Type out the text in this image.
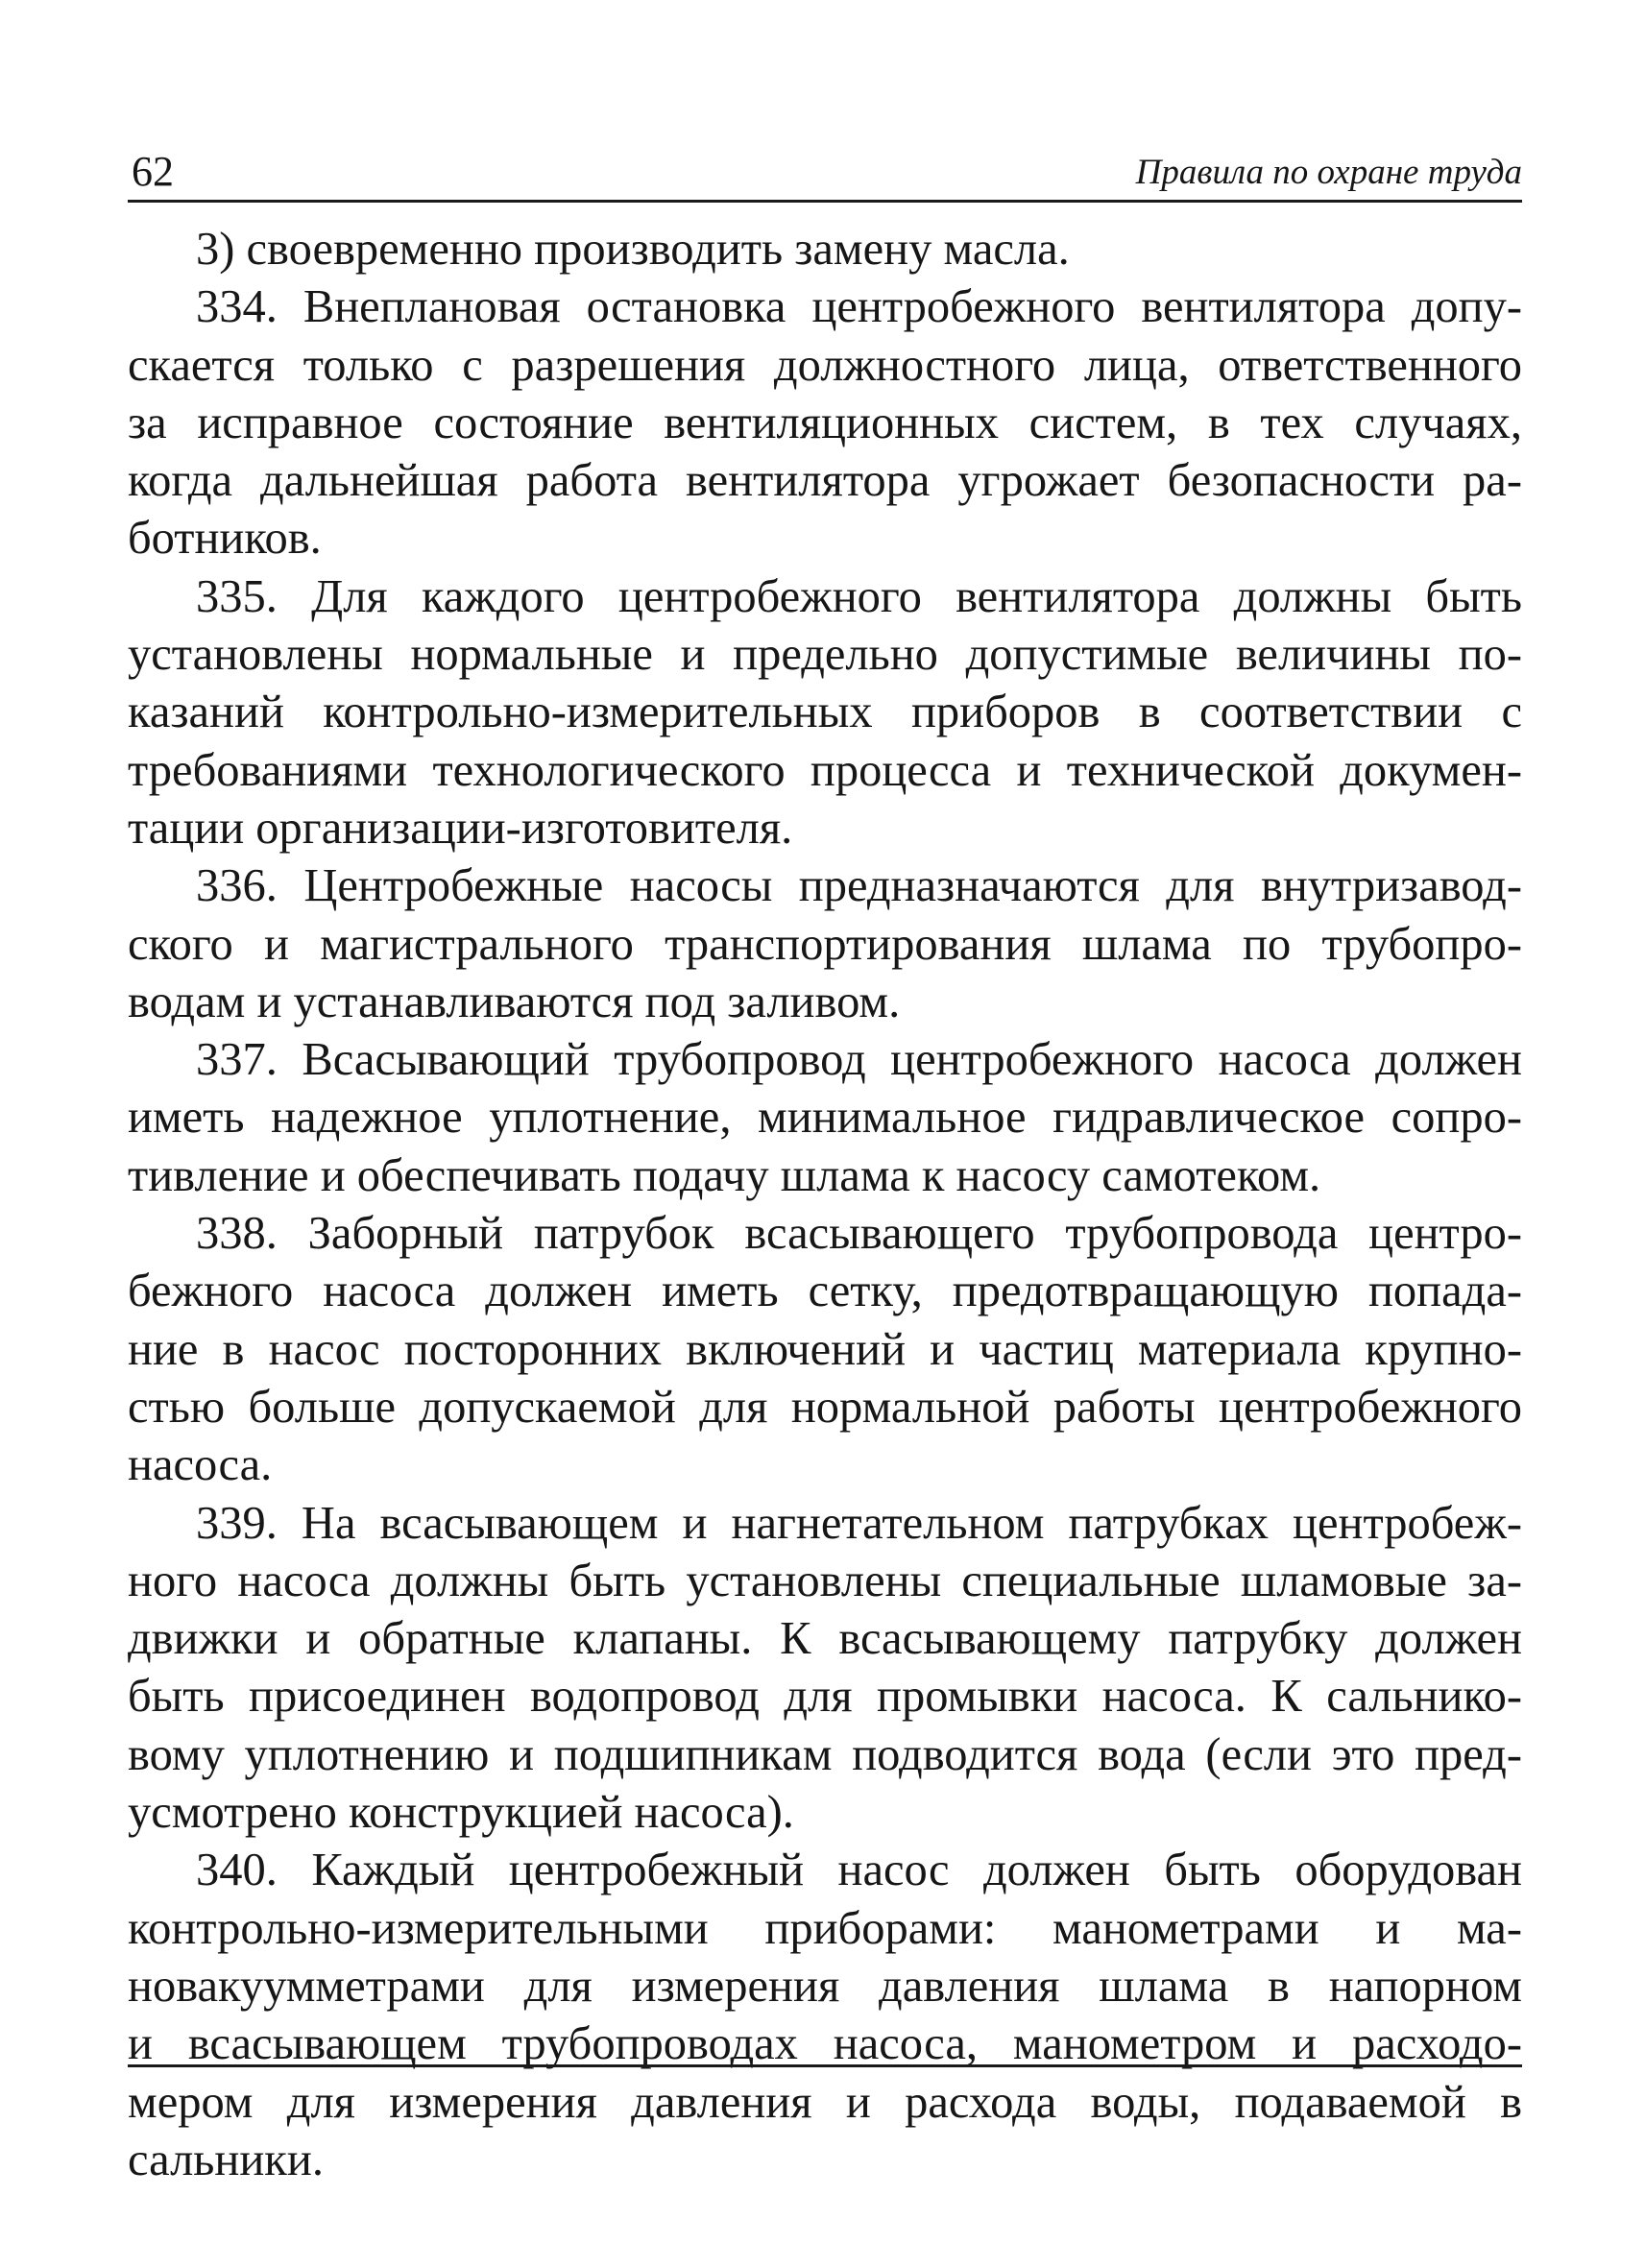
62	Правила по охране труда
3) своевременно производить замену масла.
334. Внеплановая остановка центробежного вентилятора допу-
скается только с разрешения должностного лица, ответственного
за исправное состояние вентиляционных систем, в тех случаях,
когда дальнейшая работа вентилятора угрожает безопасности ра-
ботников.
335. Для каждого центробежного вентилятора должны быть
установлены нормальные и предельно допустимые величины по-
казаний контрольно-измерительных приборов в соответствии с
требованиями технологического процесса и технической докумен-
тации организации-изготовителя.
336. Центробежные насосы предназначаются для внутризавод-
ского и магистрального транспортирования шлама по трубопро-
водам и устанавливаются под заливом.
337. Всасывающий трубопровод центробежного насоса должен
иметь надежное уплотнение, минимальное гидравлическое сопро-
тивление и обеспечивать подачу шлама к насосу самотеком.
338. Заборный патрубок всасывающего трубопровода центро-
бежного насоса должен иметь сетку, предотвращающую попада-
ние в насос посторонних включений и частиц материала крупно-
стью больше допускаемой для нормальной работы центробежного
насоса.
339. На всасывающем и нагнетательном патрубках центробеж-
ного насоса должны быть установлены специальные шламовые за-
движки и обратные клапаны. К всасывающему патрубку должен
быть присоединен водопровод для промывки насоса. К сальнико-
вому уплотнению и подшипникам подводится вода (если это пред-
усмотрено конструкцией насоса).
340. Каждый центробежный насос должен быть оборудован
контрольно-измерительными приборами: манометрами и ма-
новакуумметрами для измерения давления шлама в напорном
и всасывающем трубопроводах насоса, манометром и расходо-
мером для измерения давления и расхода воды, подаваемой в
сальники.
